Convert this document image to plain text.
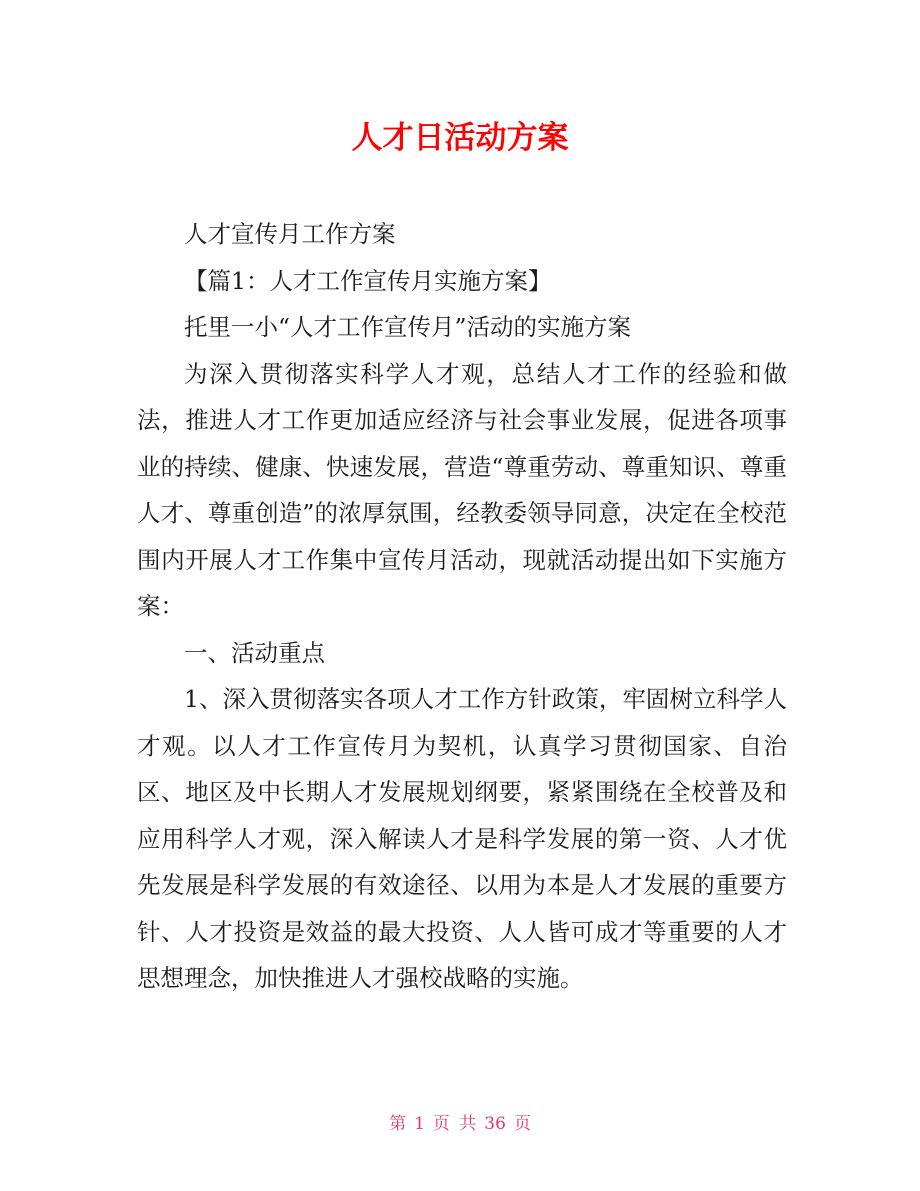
人才日活动方案

人才宣传月工作方案

【篇1：人才工作宣传月实施方案】

托里一小“人才工作宣传月”活动的实施方案

为深入贯彻落实科学人才观，总结人才工作的经验和做法，推进人才工作更加适应经济与社会事业发展，促进各项事业的持续、健康、快速发展，营造“尊重劳动、尊重知识、尊重人才、尊重创造”的浓厚氛围，经教委领导同意，决定在全校范围内开展人才工作集中宣传月活动，现就活动提出如下实施方案：

一、活动重点

1、深入贯彻落实各项人才工作方针政策，牢固树立科学人才观。以人才工作宣传月为契机，认真学习贯彻国家、自治区、地区及中长期人才发展规划纲要，紧紧围绕在全校普及和应用科学人才观，深入解读人才是科学发展的第一资、人才优先发展是科学发展的有效途径、以用为本是人才发展的重要方针、人才投资是效益的最大投资、人人皆可成才等重要的人才思想理念，加快推进人才强校战略的实施。

第 1 页 共 36 页
